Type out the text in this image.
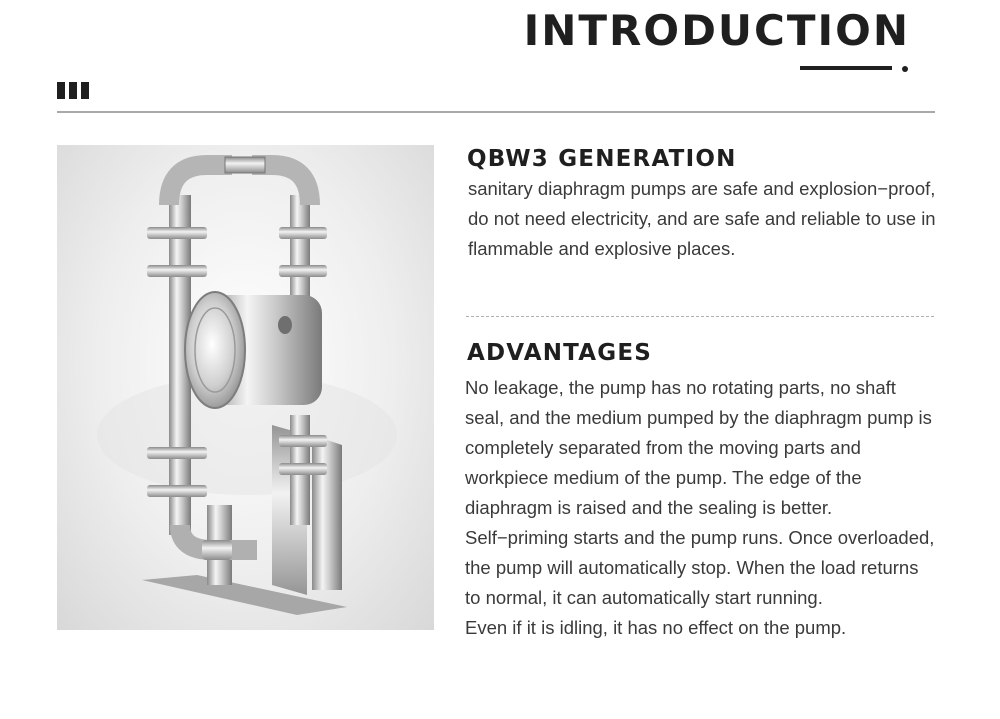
INTRODUCTION
QBW3 GENERATION

sanitary diaphragm pumps are safe and explosion−proof, do not need electricity, and are safe and reliable to use in flammable and explosive places.

ADVANTAGES

No leakage, the pump has no rotating parts, no shaft seal, and the medium pumped by the diaphragm pump is completely separated from the moving parts and workpiece medium of the pump. The edge of the diaphragm is raised and the sealing is better.

Self−priming starts and the pump runs. Once overloaded, the pump will automatically stop. When the load returns to normal, it can automatically start running.

Even if it is idling, it has no effect on the pump.
